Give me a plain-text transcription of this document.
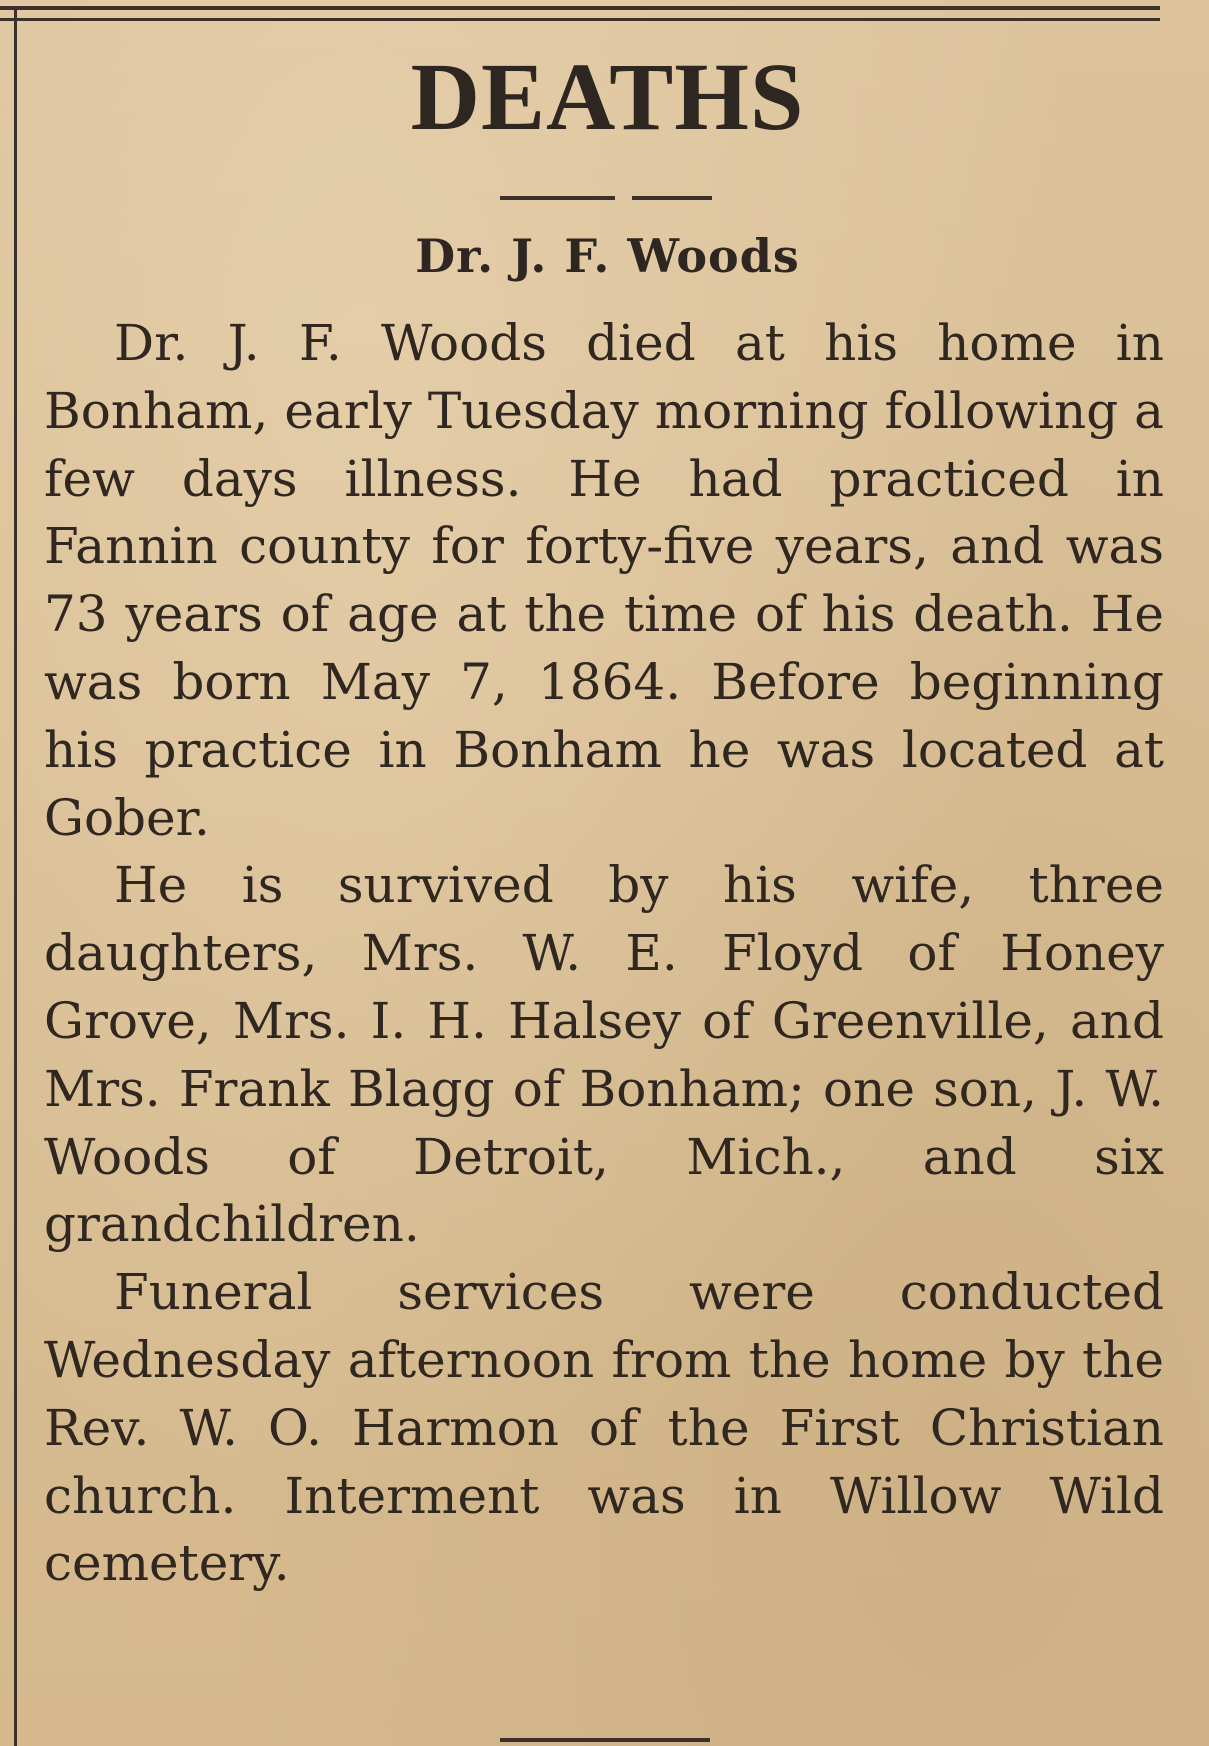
DEATHS
Dr. J. F. Woods

Dr. J. F. Woods died at his home in Bonham, early Tuesday morning following a few days illness. He had practiced in Fannin county for forty-five years, and was 73 years of age at the time of his death. He was born May 7, 1864. Before beginning his practice in Bonham he was located at Gober.

He is survived by his wife, three daughters, Mrs. W. E. Floyd of Honey Grove, Mrs. I. H. Halsey of Greenville, and Mrs. Frank Blagg of Bonham; one son, J. W. Woods of Detroit, Mich., and six grandchildren.

Funeral services were conducted Wednesday afternoon from the home by the Rev. W. O. Harmon of the First Christian church. Interment was in Willow Wild cemetery.
